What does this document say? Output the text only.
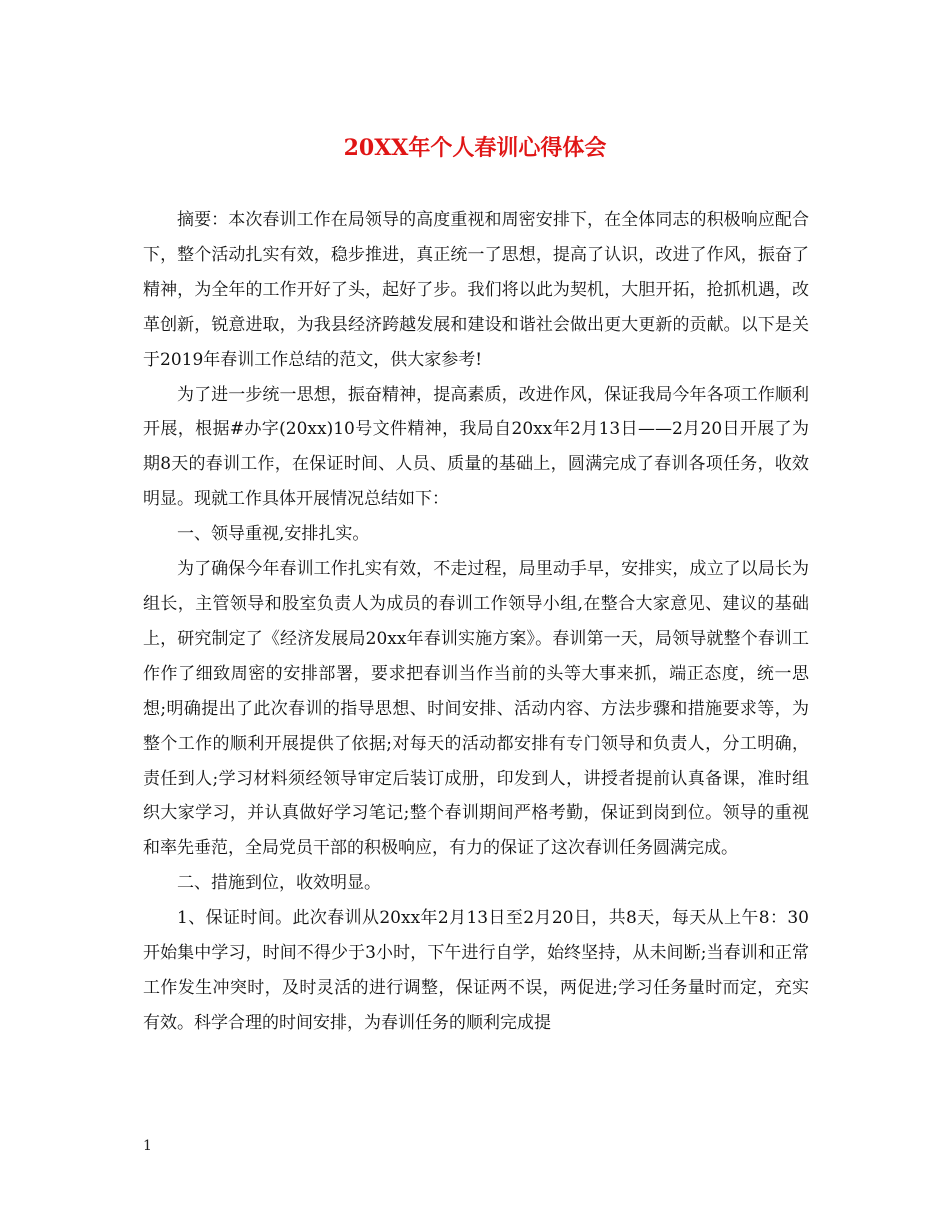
20XX年个人春训心得体会

摘要：本次春训工作在局领导的高度重视和周密安排下，在全体同志的积极响应配合下，整个活动扎实有效，稳步推进，真正统一了思想，提高了认识，改进了作风，振奋了精神，为全年的工作开好了头，起好了步。我们将以此为契机，大胆开拓，抢抓机遇，改革创新，锐意进取，为我县经济跨越发展和建设和谐社会做出更大更新的贡献。以下是关于2019年春训工作总结的范文，供大家参考!

为了进一步统一思想，振奋精神，提高素质，改进作风，保证我局今年各项工作顺利开展，根据#办字(20xx)10号文件精神，我局自20xx年2月13日——2月20日开展了为期8天的春训工作，在保证时间、人员、质量的基础上，圆满完成了春训各项任务，收效明显。现就工作具体开展情况总结如下：

一、领导重视,安排扎实。

为了确保今年春训工作扎实有效，不走过程，局里动手早，安排实，成立了以局长为组长，主管领导和股室负责人为成员的春训工作领导小组,在整合大家意见、建议的基础上，研究制定了《经济发展局20xx年春训实施方案》。春训第一天，局领导就整个春训工作作了细致周密的安排部署，要求把春训当作当前的头等大事来抓，端正态度，统一思想;明确提出了此次春训的指导思想、时间安排、活动内容、方法步骤和措施要求等，为整个工作的顺利开展提供了依据;对每天的活动都安排有专门领导和负责人，分工明确，责任到人;学习材料须经领导审定后装订成册，印发到人，讲授者提前认真备课，准时组织大家学习，并认真做好学习笔记;整个春训期间严格考勤，保证到岗到位。领导的重视和率先垂范，全局党员干部的积极响应，有力的保证了这次春训任务圆满完成。

二、措施到位，收效明显。

1、保证时间。此次春训从20xx年2月13日至2月20日，共8天，每天从上午8：30开始集中学习，时间不得少于3小时，下午进行自学，始终坚持，从未间断;当春训和正常工作发生冲突时，及时灵活的进行调整，保证两不误，两促进;学习任务量时而定，充实有效。科学合理的时间安排，为春训任务的顺利完成提

1
